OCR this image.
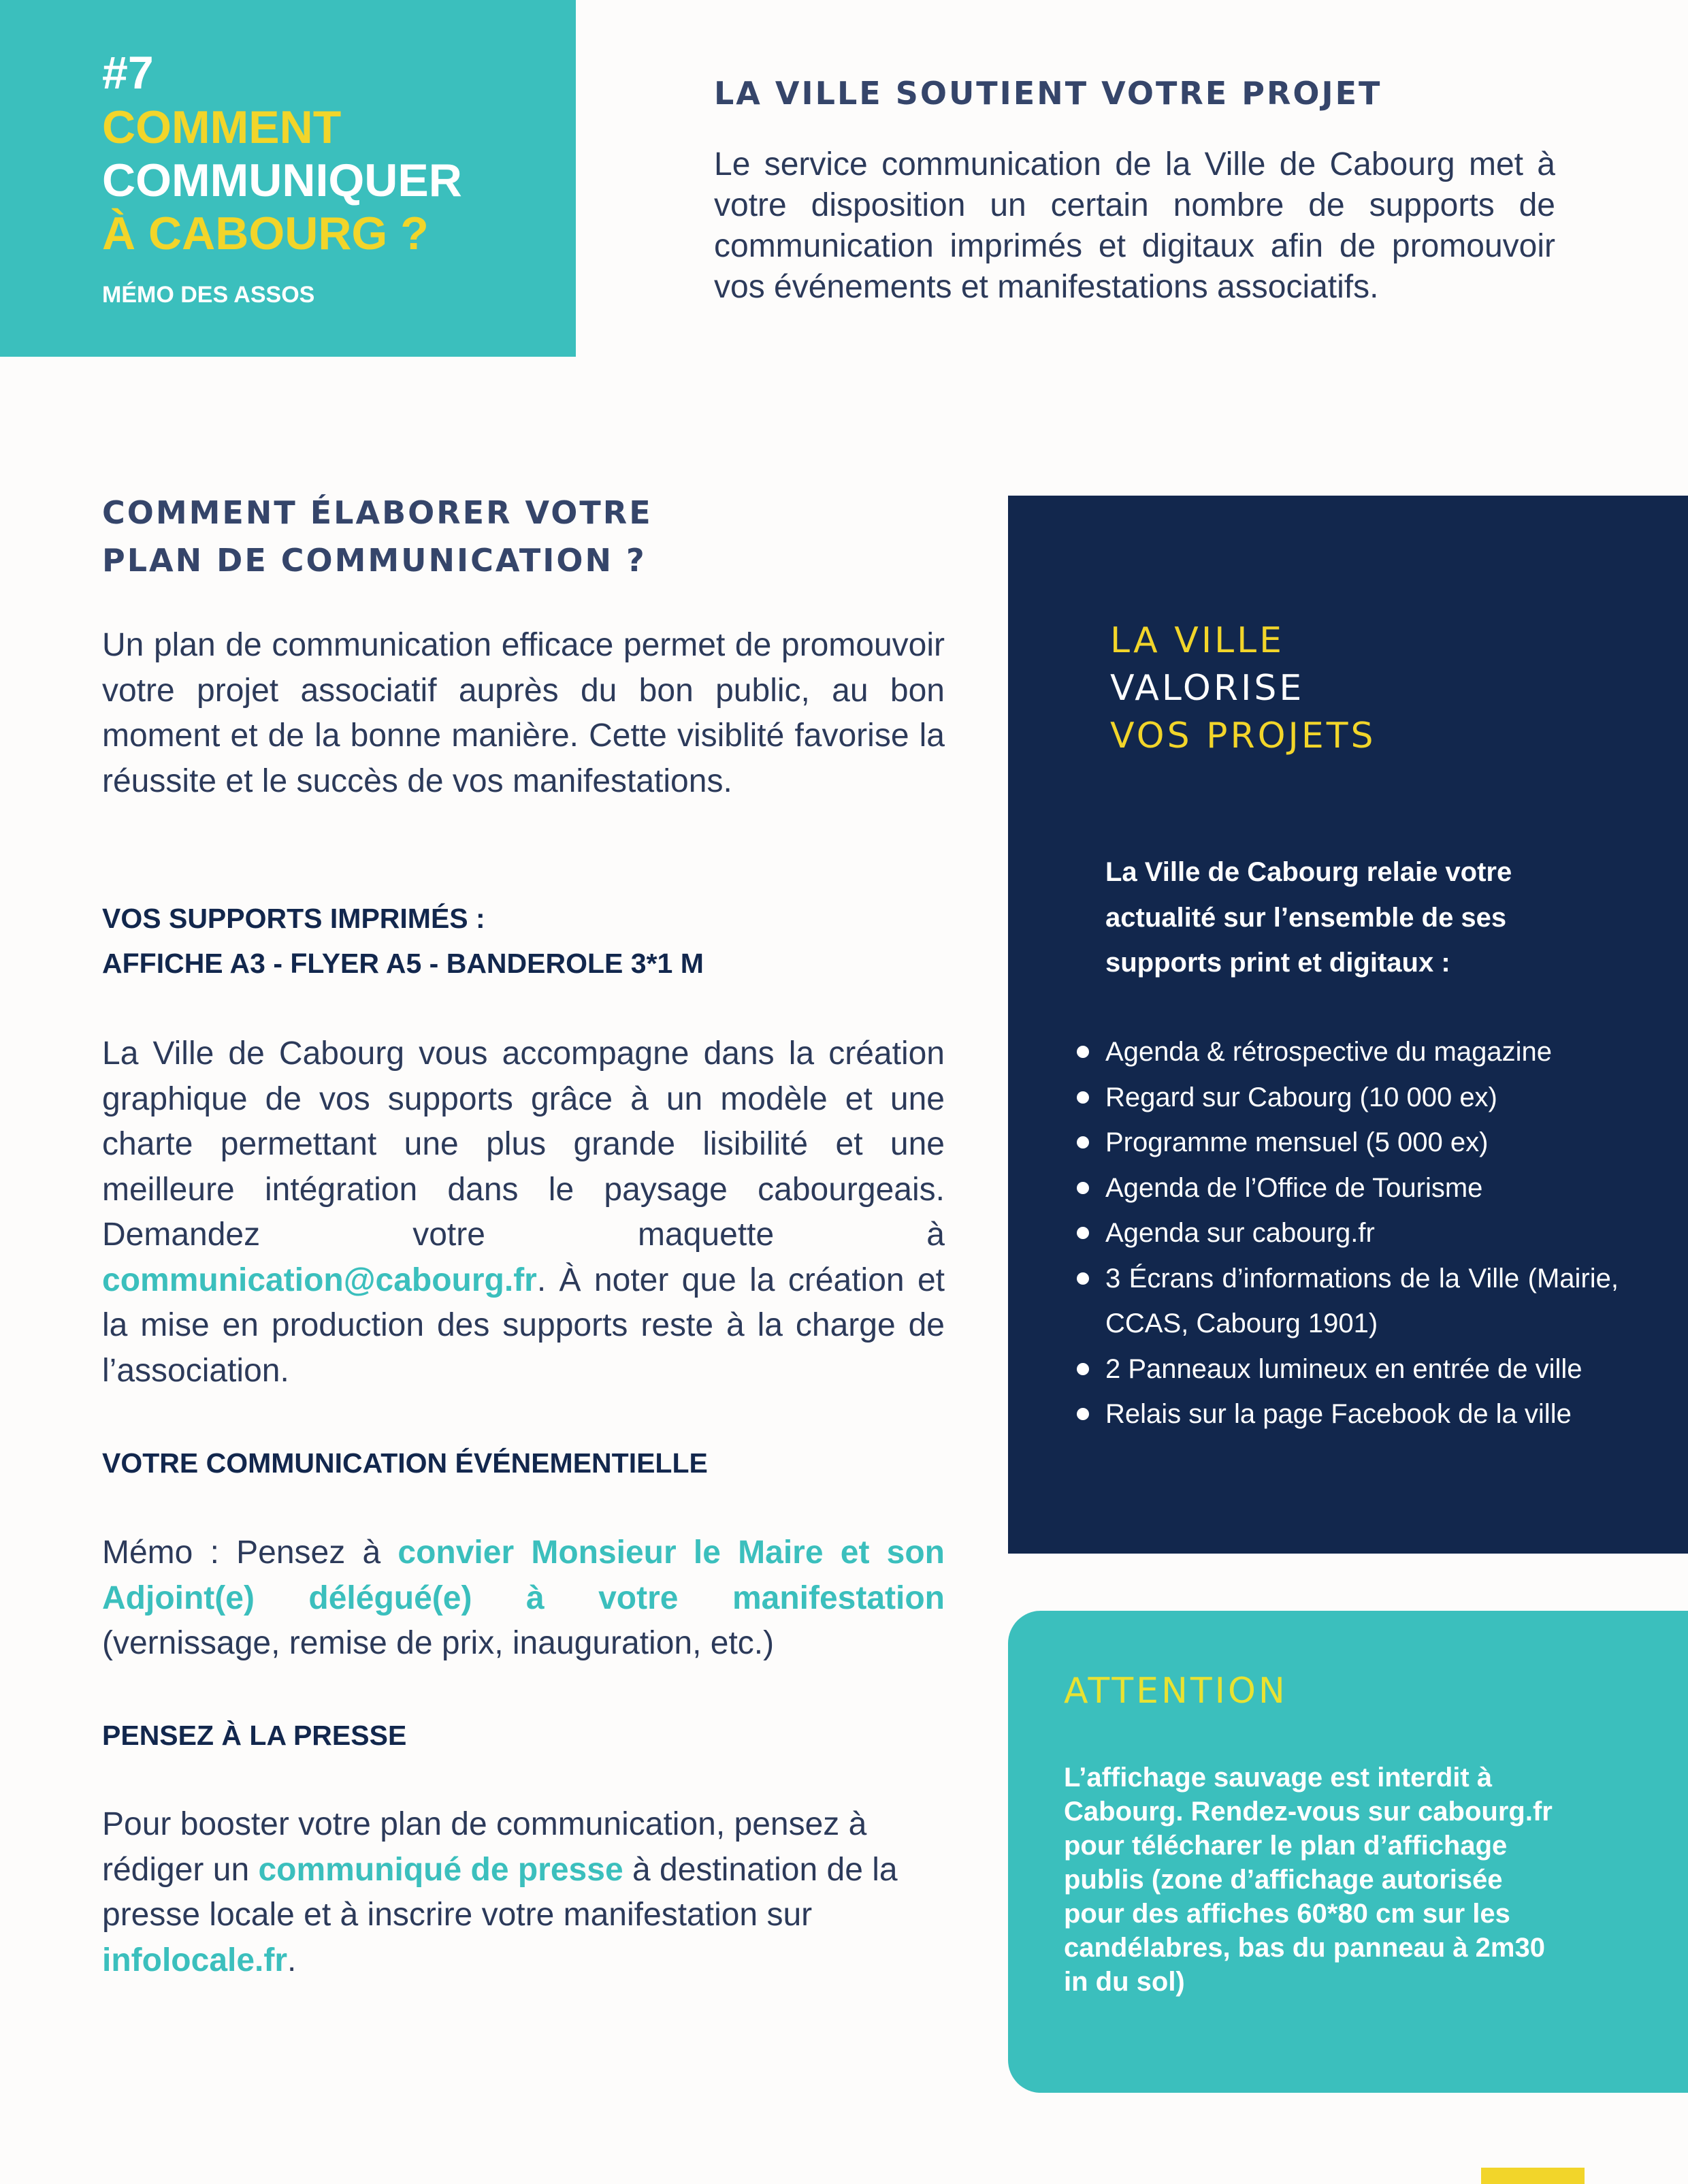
#7
COMMENT
COMMUNIQUER
À CABOURG ?
MÉMO DES ASSOS
LA VILLE SOUTIENT VOTRE PROJET

Le service communication de la Ville de Cabourg met à votre disposition un certain nombre de supports de communication imprimés et digitaux afin de promouvoir vos événements et manifestations associatifs.

COMMENT ÉLABORER VOTRE
PLAN DE COMMUNICATION ?

Un plan de communication efficace permet de promouvoir votre projet associatif auprès du bon public, au bon moment et de la bonne manière. Cette visiblité favorise la réussite et le succès de vos manifestations.

VOS SUPPORTS IMPRIMÉS :
AFFICHE A3 - FLYER A5 - BANDEROLE 3*1 M

La Ville de Cabourg vous accompagne dans la création graphique de vos supports grâce à un modèle et une charte permettant une plus grande lisibilité et une meilleure intégration dans le paysage cabourgeais. Demandez votre maquette à communication@cabourg.fr. À noter que la création et la mise en production des supports reste à la charge de l’association.

VOTRE COMMUNICATION ÉVÉNEMENTIELLE

Mémo : Pensez à convier Monsieur le Maire et son Adjoint(e) délégué(e) à votre manifestation (vernissage, remise de prix, inauguration, etc.)

PENSEZ À LA PRESSE

Pour booster votre plan de communication, pensez à rédiger un communiqué de presse à destination de la presse locale et à inscrire votre manifestation sur infolocale.fr.

LA VILLE
VALORISE
VOS PROJETS
La Ville de Cabourg relaie votre actualité sur l’ensemble de ses supports print et digitaux :
Agenda & rétrospective du magazine
Regard sur Cabourg (10 000 ex)
Programme mensuel (5 000 ex)
Agenda de l’Office de Tourisme
Agenda sur cabourg.fr
3 Écrans d’informations de la Ville (Mairie, CCAS, Cabourg 1901)
2 Panneaux lumineux en entrée de ville
Relais sur la page Facebook de la ville
ATTENTION
L’affichage sauvage est interdit à Cabourg. Rendez-vous sur cabourg.fr pour télécharer le plan d’affichage publis (zone d’affichage autorisée pour des affiches 60*80 cm sur les candélabres, bas du panneau à 2m30 in du sol)
